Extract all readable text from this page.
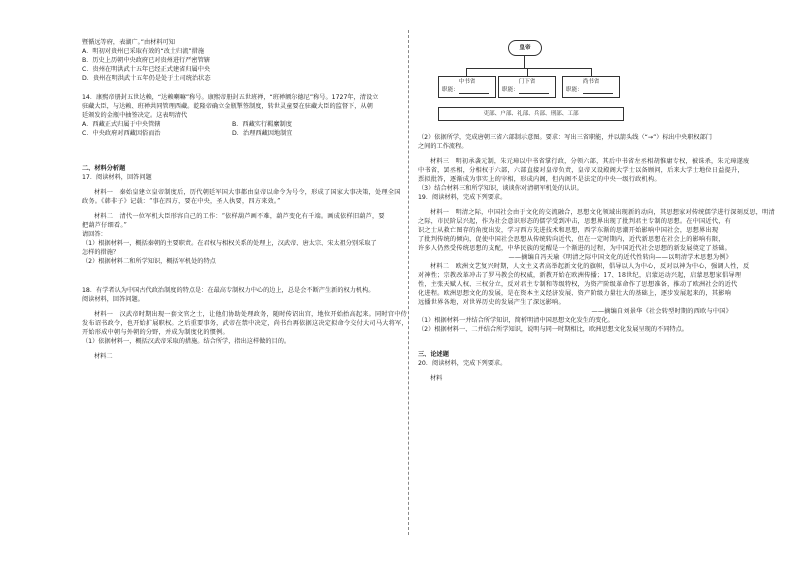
暨循远等府，表湖广。”由材料可知
A．明初对贵州已采取有效的“改土归流”措施
B．历史上历朝中央政府已对贵州进行严密管辖
C．贵州在明洪武十五年已经正式建省归属中央
D．贵州在明洪武十五年仍是处于土司统治状态
14．康熙帝册封五世达赖，“达赖喇嘛”称号。康熙帝册封五世班禅，“班禅额尔德尼”称号。1727年，清设立
驻藏大臣，与达赖、班禅共同管理西藏。乾隆帝确立金瓶掣签制度，转世灵童要在驻藏大臣的监督下，从朝
廷颁发的金瓶中抽签决定。这表明清代
A．西藏正式归属于中央管辖	B．西藏实行羁縻制度
C．中央政府对西藏因俗而治	D．治理西藏因地制宜
二、材料分析题
17．阅读材料，回答问题
材料一　秦始皇建立皇帝制度后，历代朝廷军国大事都由皇帝以命令为号令，形成了国家大事决策，处理全国
政务。《韩非子》记载：“事在四方，要在中央，圣人执要，四方来效。”
材料二　清代一位军机大臣形容自己的工作：“依样葫芦画不难，葫芦变化有千端。画成依样旧葫芦，要
把葫芦仔细看。”
请回答：
（1）根据材料一，概括秦朝的主要职责。在君权与相权关系的处理上，汉武帝、唐太宗、宋太祖分别采取了
怎样的措施？
（2）根据材料二和所学知识，概括军机处的特点
18．有学者认为中国古代政治制度的特点是：在最高专制权力中心的边上，总是会不断产生新的权力机构。
阅读材料，回答问题。
材料一　汉武帝时期出现一套文官之士，让他们协助处理政务，随时传诏出宫，地位开始抬高起来。同时宫中侍
发布诏书政令，也开始扩展职权。之后重要事务，武帝在禁中决定，尚书台再依据这决定拟命令交付大司马大将军，
开始形成中朝与外朝的分野，并成为制度化的惯例。
（1）依据材料一，概括汉武帝采取的措施。结合所学，指出这样做的目的。
材料二
皇帝
中书省
职能：
门下省
职能：
尚书省
职能：
吏部、户部、礼部、兵部、刑部、工部
（2）依据所学，完成唐朝三省六部制示意图。要求：写出三省职能，并以箭头线（“→”）标出中央职权部门
之间的工作流程。
材料三　明初承袭元制，朱元璋以中书省掌行政，分领六部，其后中书省左丞相胡惟庸专权，被诛杀，朱元璋遂废
中书省，罢丞相，分相权于六部，六部直接对皇帝负责，皇帝又设殿阁大学士以备顾问，后来大学士地位日益提升，
票拟批答，逐渐成为事实上的宰相，形成内阁，但内阁不是法定的中央一级行政机构。
（3）结合材料三和所学知识，谈谈你对清朝军机处的认识。
19．阅读材料，完成下列要求。
材料一　明清之际，中国社会由于文化的交流融合，思想文化领域出现新的动向，其思想家对传统儒学进行深刻反思，明清
之际，市民阶层兴起，作为社会意识形态的儒学受到冲击，思想界出现了批判君主专制的思想。在中国近代，有
识之士从救亡图存的角度出发，学习西方先进技术和思想，西学东渐的思潮开始影响中国社会，思想界出现
了批判传统的倾向，促使中国社会思想从传统转向近代，但在一定时期内，近代新思想在社会上的影响有限，
许多人仍然受传统思想的支配，中华民族的觉醒是一个渐进的过程，为中国近代社会思想的新发展奠定了基础。
——摘编自冯天瑜《明清之际中国文化的近代性转向——以明清学术思想为例》
材料二　欧洲文艺复兴时期，人文主义者高举起新文化的旗帜，倡导以人为中心，反对以神为中心，强调人性，反
对神性；宗教改革冲击了罗马教会的权威，新教开始在欧洲传播；17、18世纪，启蒙运动兴起，启蒙思想家倡导理
性，主张天赋人权、三权分立，反对君主专制和等级特权，为资产阶级革命作了思想准备，推动了欧洲社会的近代
化进程。欧洲思想文化的发展，是在资本主义经济发展、资产阶级力量壮大的基础上，逐步发展起来的，其影响
远播世界各地，对世界历史的发展产生了深远影响。
——摘编自刘景华《社会转型时期的西欧与中国》
（1）根据材料一并结合所学知识，简析明清中国思想文化发生的变化。
（2）根据材料一、二并结合所学知识，说明与同一时期相比，欧洲思想文化发展呈现的不同特点。
三、论述题
20．阅读材料，完成下列要求。
材料
